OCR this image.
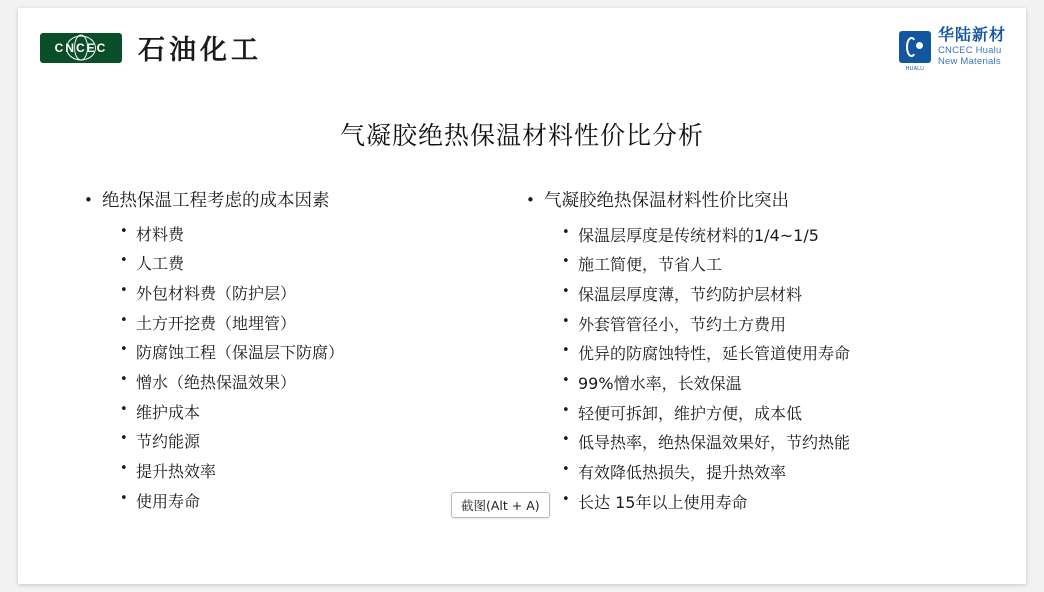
CNCEC 石油化工
HUALU
华陆新材
CNCEC Hualu
New Materials
气凝胶绝热保温材料性价比分析
• 绝热保温工程考虑的成本因素
• 材料费
• 人工费
• 外包材料费（防护层）
• 土方开挖费（地埋管）
• 防腐蚀工程（保温层下防腐）
• 憎水（绝热保温效果）
• 维护成本
• 节约能源
• 提升热效率
• 使用寿命
• 气凝胶绝热保温材料性价比突出
• 保温层厚度是传统材料的1/4~1/5
• 施工简便，节省人工
• 保温层厚度薄，节约防护层材料
• 外套管管径小，节约土方费用
• 优异的防腐蚀特性，延长管道使用寿命
• 99%憎水率，长效保温
• 轻便可拆卸，维护方便，成本低
• 低导热率，绝热保温效果好，节约热能
• 有效降低热损失，提升热效率
• 长达 15年以上使用寿命
截图(Alt + A)
